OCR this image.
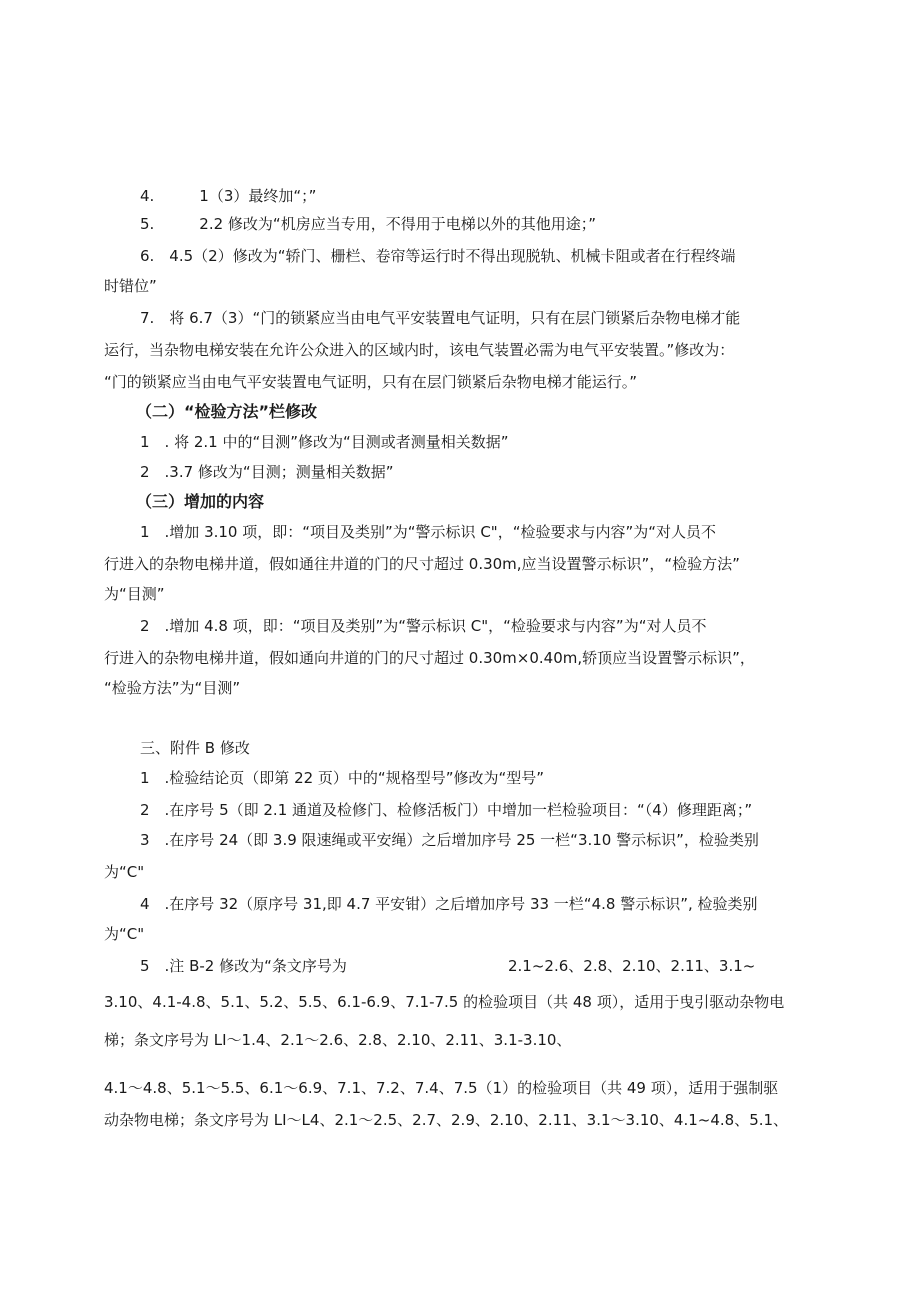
4.　　　1（3）最终加“；”
5.　　　2.2 修改为“机房应当专用，不得用于电梯以外的其他用途；”
6.　4.5（2）修改为“轿门、栅栏、卷帘等运行时不得出现脱轨、机械卡阻或者在行程终端
时错位”
7.　将 6.7（3）“门的锁紧应当由电气平安装置电气证明，只有在层门锁紧后杂物电梯才能
运行，当杂物电梯安装在允许公众进入的区域内时，该电气装置必需为电气平安装置。”修改为：
“门的锁紧应当由电气平安装置电气证明，只有在层门锁紧后杂物电梯才能运行。”
（二）“检验方法”栏修改
1　. 将 2.1 中的“目测”修改为“目测或者测量相关数据”
2　.3.7 修改为“目测；测量相关数据”
（三）增加的内容
1　.增加 3.10 项，即：“项目及类别”为“警示标识 C"，“检验要求与内容”为“对人员不
行进入的杂物电梯井道，假如通往井道的门的尺寸超过 0.30m,应当设置警示标识”，“检验方法”
为“目测”
2　.增加 4.8 项，即：“项目及类别”为“警示标识 C"，“检验要求与内容”为“对人员不
行进入的杂物电梯井道，假如通向井道的门的尺寸超过 0.30m×0.40m,轿顶应当设置警示标识”，
“检验方法”为“目测”
三、附件 B 修改
1　.检验结论页（即第 22 页）中的“规格型号”修改为“型号”
2　.在序号 5（即 2.1 通道及检修门、检修活板门）中增加一栏检验项目：“（4）修理距离；”
3　.在序号 24（即 3.9 限速绳或平安绳）之后增加序号 25 一栏“3.10 警示标识”，检验类别
为“C"
4　.在序号 32（原序号 31,即 4.7 平安钳）之后增加序号 33 一栏“4.8 警示标识”, 检验类别
为“C"
5　.注 B-2 修改为“条文序号为	2.1~2.6、2.8、2.10、2.11、3.1~
3.10、4.1-4.8、5.1、5.2、5.5、6.1-6.9、7.1-7.5 的检验项目（共 48 项），适用于曳引驱动杂物电
梯；条文序号为 LI～1.4、2.1～2.6、2.8、2.10、2.11、3.1-3.10、
4.1～4.8、5.1～5.5、6.1～6.9、7.1、7.2、7.4、7.5（1）的检验项目（共 49 项），适用于强制驱
动杂物电梯；条文序号为 LI～L4、2.1～2.5、2.7、2.9、2.10、2.11、3.1～3.10、4.1~4.8、5.1、
